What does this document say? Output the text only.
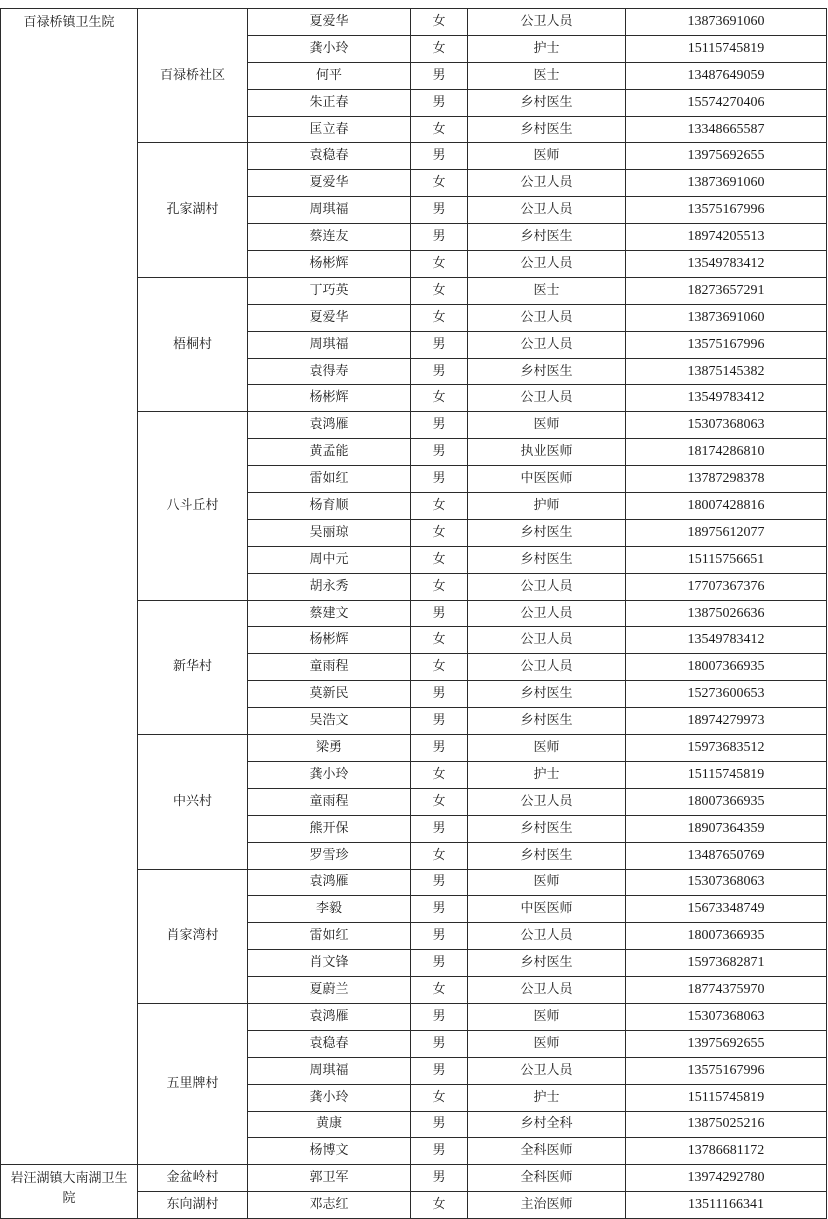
百禄桥镇卫生院	百禄桥社区	夏爱华	女	公卫人员	13873691060
		龚小玲	女	护士	15115745819
		何平	男	医士	13487649059
		朱正春	男	乡村医生	15574270406
		匡立春	女	乡村医生	13348665587
	孔家湖村	袁稳春	男	医师	13975692655
		夏爱华	女	公卫人员	13873691060
		周琪福	男	公卫人员	13575167996
		蔡连友	男	乡村医生	18974205513
		杨彬辉	女	公卫人员	13549783412
	梧桐村	丁巧英	女	医士	18273657291
		夏爱华	女	公卫人员	13873691060
		周琪福	男	公卫人员	13575167996
		袁得寿	男	乡村医生	13875145382
		杨彬辉	女	公卫人员	13549783412
	八斗丘村	袁鸿雁	男	医师	15307368063
		黄孟能	男	执业医师	18174286810
		雷如红	男	中医医师	13787298378
		杨育顺	女	护师	18007428816
		吴丽琼	女	乡村医生	18975612077
		周中元	女	乡村医生	15115756651
		胡永秀	女	公卫人员	17707367376
	新华村	蔡建文	男	公卫人员	13875026636
		杨彬辉	女	公卫人员	13549783412
		童雨程	女	公卫人员	18007366935
		莫新民	男	乡村医生	15273600653
		吴浩文	男	乡村医生	18974279973
	中兴村	梁勇	男	医师	15973683512
		龚小玲	女	护士	15115745819
		童雨程	女	公卫人员	18007366935
		熊开保	男	乡村医生	18907364359
		罗雪珍	女	乡村医生	13487650769
	肖家湾村	袁鸿雁	男	医师	15307368063
		李毅	男	中医医师	15673348749
		雷如红	男	公卫人员	18007366935
		肖文锋	男	乡村医生	15973682871
		夏蔚兰	女	公卫人员	18774375970
	五里牌村	袁鸿雁	男	医师	15307368063
		袁稳春	男	医师	13975692655
		周琪福	男	公卫人员	13575167996
		龚小玲	女	护士	15115745819
		黄康	男	乡村全科	13875025216
		杨博文	男	全科医师	13786681172
岩汪湖镇大南湖卫生院	金盆岭村	郭卫军	男	全科医师	13974292780
	东向湖村	邓志红	女	主治医师	13511166341
